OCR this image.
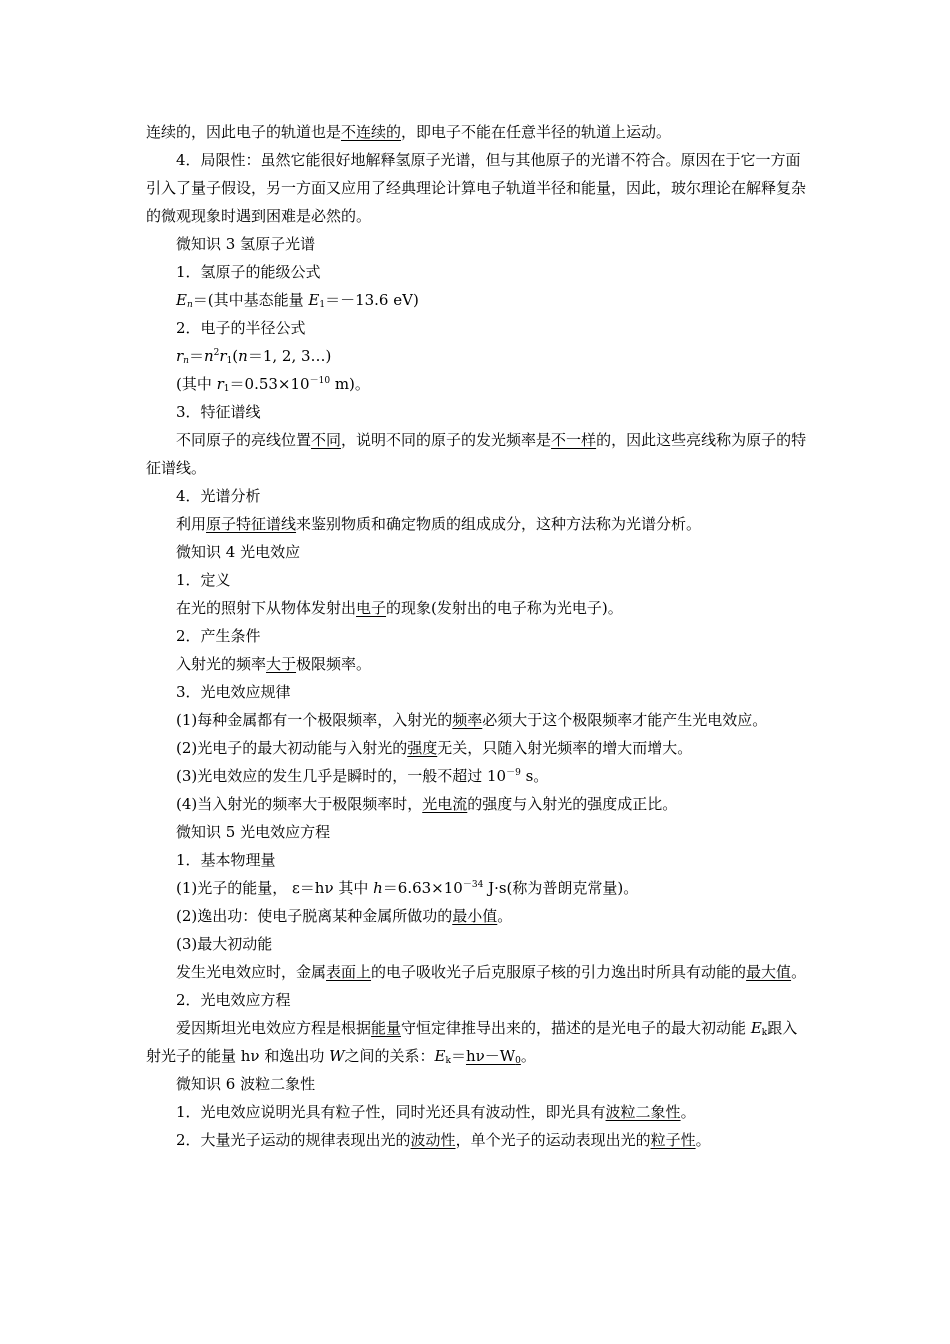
连续的，因此电子的轨道也是不连续的，即电子不能在任意半径的轨道上运动。

4．局限性：虽然它能很好地解释氢原子光谱，但与其他原子的光谱不符合。原因在于它一方面引入了量子假设，另一方面又应用了经典理论计算电子轨道半径和能量，因此，玻尔理论在解释复杂的微观现象时遇到困难是必然的。

微知识 3 氢原子光谱

1．氢原子的能级公式

$E_n=$(其中基态能量 $E_1=-13.6$ eV)

2．电子的半径公式

$r_n=n^2r_1(n=1$, 2, 3…)

(其中 $r_1=0.53\times 10^{-10}$ m)。

3．特征谱线

不同原子的亮线位置不同，说明不同的原子的发光频率是不一样的，因此这些亮线称为原子的特征谱线。

4．光谱分析

利用原子特征谱线来鉴别物质和确定物质的组成成分，这种方法称为光谱分析。

微知识 4 光电效应

1．定义

在光的照射下从物体发射出电子的现象(发射出的电子称为光电子)。

2．产生条件

入射光的频率大于极限频率。

3．光电效应规律

(1)每种金属都有一个极限频率，入射光的频率必须大于这个极限频率才能产生光电效应。

(2)光电子的最大初动能与入射光的强度无关，只随入射光频率的增大而增大。

(3)光电效应的发生几乎是瞬时的，一般不超过 $10^{-9}$ s。

(4)当入射光的频率大于极限频率时，光电流的强度与入射光的强度成正比。

微知识 5 光电效应方程

1．基本物理量

(1)光子的能量， ε＝hν 其中 $h=6.63\times 10^{-34}$ J·s(称为普朗克常量)。

(2)逸出功：使电子脱离某种金属所做功的最小值。

(3)最大初动能

发生光电效应时，金属表面上的电子吸收光子后克服原子核的引力逸出时所具有动能的最大值。

2．光电效应方程

爱因斯坦光电效应方程是根据能量守恒定律推导出来的，描述的是光电子的最大初动能 $E_k$跟入射光子的能量 hν 和逸出功 W之间的关系：$E_k=h\nu-W_0$。

微知识 6 波粒二象性

1．光电效应说明光具有粒子性，同时光还具有波动性，即光具有波粒二象性。

2．大量光子运动的规律表现出光的波动性，单个光子的运动表现出光的粒子性。
